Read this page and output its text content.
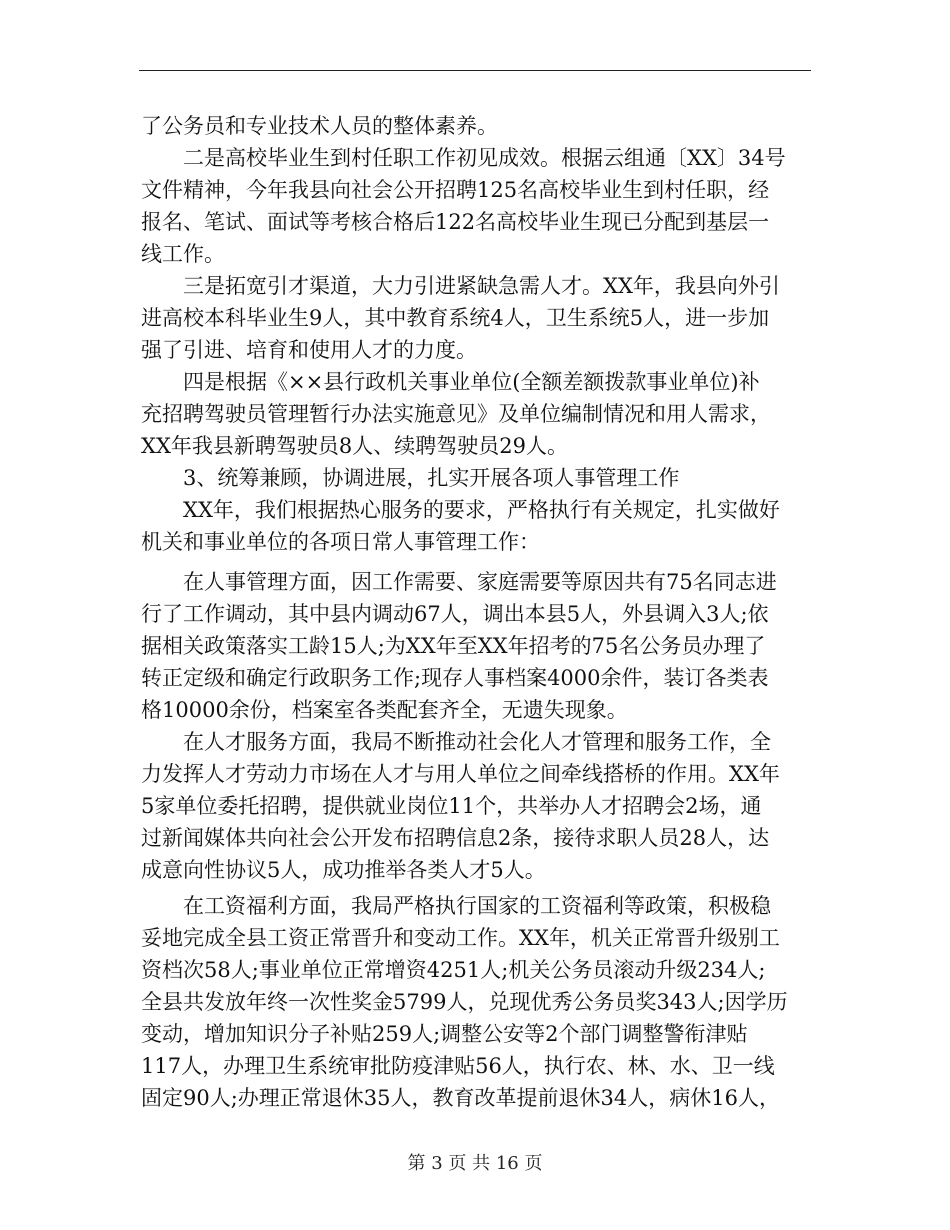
了公务员和专业技术人员的整体素养。
　　二是高校毕业生到村任职工作初见成效。根据云组通〔XX〕34号
文件精神，今年我县向社会公开招聘125名高校毕业生到村任职，经
报名、笔试、面试等考核合格后122名高校毕业生现已分配到基层一
线工作。
　　三是拓宽引才渠道，大力引进紧缺急需人才。XX年，我县向外引
进高校本科毕业生9人，其中教育系统4人，卫生系统5人，进一步加
强了引进、培育和使用人才的力度。
　　四是根据《××县行政机关事业单位(全额差额拨款事业单位)补
充招聘驾驶员管理暂行办法实施意见》及单位编制情况和用人需求，
XX年我县新聘驾驶员8人、续聘驾驶员29人。
　　3、统筹兼顾，协调进展，扎实开展各项人事管理工作
　　XX年，我们根据热心服务的要求，严格执行有关规定，扎实做好
机关和事业单位的各项日常人事管理工作：
　　在人事管理方面，因工作需要、家庭需要等原因共有75名同志进
行了工作调动，其中县内调动67人，调出本县5人，外县调入3人;依
据相关政策落实工龄15人;为XX年至XX年招考的75名公务员办理了
转正定级和确定行政职务工作;现存人事档案4000余件，装订各类表
格10000余份，档案室各类配套齐全，无遗失现象。
　　在人才服务方面，我局不断推动社会化人才管理和服务工作，全
力发挥人才劳动力市场在人才与用人单位之间牵线搭桥的作用。XX年
5家单位委托招聘，提供就业岗位11个，共举办人才招聘会2场，通
过新闻媒体共向社会公开发布招聘信息2条，接待求职人员28人，达
成意向性协议5人，成功推举各类人才5人。
　　在工资福利方面，我局严格执行国家的工资福利等政策，积极稳
妥地完成全县工资正常晋升和变动工作。XX年，机关正常晋升级别工
资档次58人;事业单位正常增资4251人;机关公务员滚动升级234人;
全县共发放年终一次性奖金5799人，兑现优秀公务员奖343人;因学历
变动，增加知识分子补贴259人;调整公安等2个部门调整警衔津贴
117人，办理卫生系统审批防疫津贴56人，执行农、林、水、卫一线
固定90人;办理正常退休35人，教育改革提前退休34人，病休16人，
第 3 页 共 16 页
